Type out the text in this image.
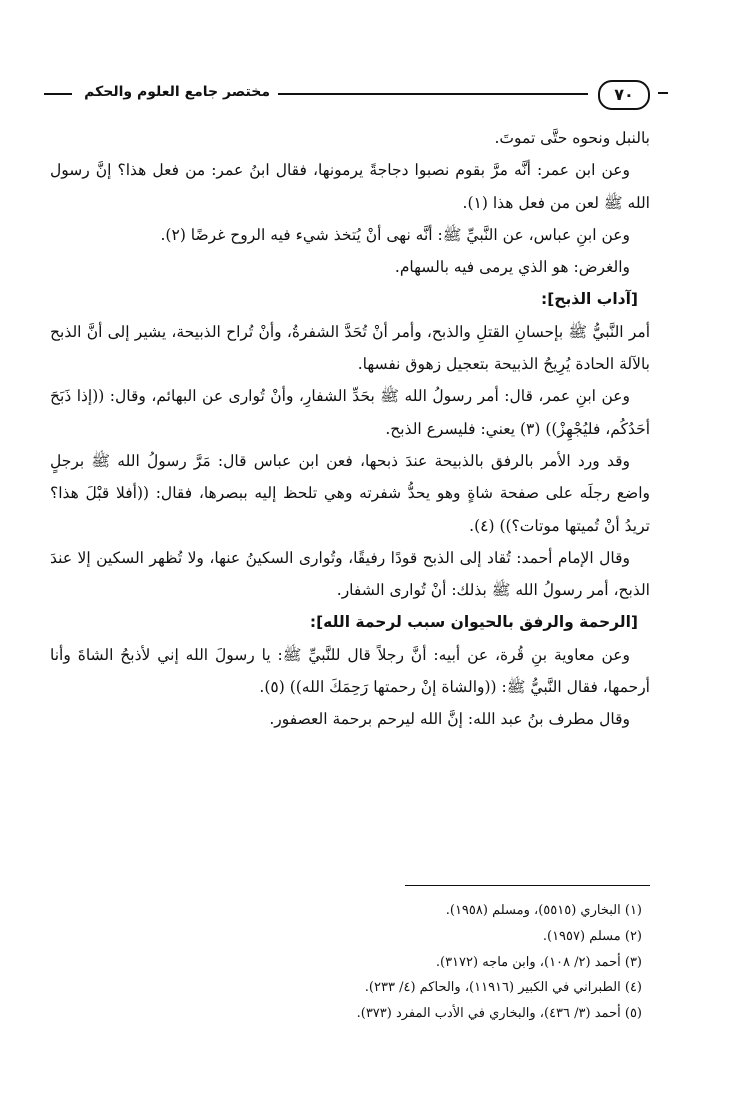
٧٠
مختصر جامع العلوم والحكم

بالنبل ونحوه حتَّى تموتَ.

وعن ابن عمر: أنَّه مرَّ بقوم نصبوا دجاجةً يرمونها، فقال ابنُ عمر: من فعل هذا؟ إنَّ رسول الله ﷺ لعن من فعل هذا (١).

وعن ابنِ عباس، عن النَّبيِّ ﷺ: أنَّه نهى أنْ يُتخذ شيء فيه الروح غرضًا (٢).

والغرض: هو الذي يرمى فيه بالسهام.

[آداب الذبح]:

أمر النَّبيُّ ﷺ بإحسانِ القتلِ والذبح، وأمر أنْ تُحَدَّ الشفرةُ، وأنْ تُراح الذبيحة، يشير إلى أنَّ الذبح بالآلة الحادة يُرِيحُ الذبيحة بتعجيل زهوق نفسها.

وعن ابنِ عمر، قال: أمر رسولُ الله ﷺ بحَدِّ الشفارِ، وأنْ تُوارى عن البهائم، وقال: ((إذا ذَبَحَ أحَدُكُم، فليُجْهِزْ)) (٣) يعني: فليسرع الذبح.

وقد ورد الأمر بالرفق بالذبيحة عندَ ذبحها، فعن ابن عباس قال: مَرَّ رسولُ الله ﷺ برجلٍ واضع رجلَه على صفحة شاةٍ وهو يحدُّ شفرته وهي تلحظ إليه ببصرها، فقال: ((أفلا قبْلَ هذا؟ تريدُ أنْ تُميتها موتات؟)) (٤).

وقال الإمام أحمد: تُقاد إلى الذبح قودًا رفيقًا، وتُوارى السكينُ عنها، ولا تُظهر السكين إلا عندَ الذبح، أمر رسولُ الله ﷺ بذلك: أنْ تُوارى الشفار.

[الرحمة والرفق بالحيوان سبب لرحمة الله]:

وعن معاوية بنِ قُرة، عن أبيه: أنَّ رجلاً قال للنَّبيِّ ﷺ: يا رسولَ الله إني لأذبحُ الشاةَ وأنا أرحمها، فقال النَّبيُّ ﷺ: ((والشاة إنْ رحمتها رَحِمَكَ الله)) (٥).

وقال مطرف بنُ عبد الله: إنَّ الله ليرحم برحمة العصفور.

(١) البخاري (٥٥١٥)، ومسلم (١٩٥٨).

(٢) مسلم (١٩٥٧).

(٣) أحمد (٢/ ١٠٨)، وابن ماجه (٣١٧٢).

(٤) الطبراني في الكبير (١١٩١٦)، والحاكم (٤/ ٢٣٣).

(٥) أحمد (٣/ ٤٣٦)، والبخاري في الأدب المفرد (٣٧٣).
